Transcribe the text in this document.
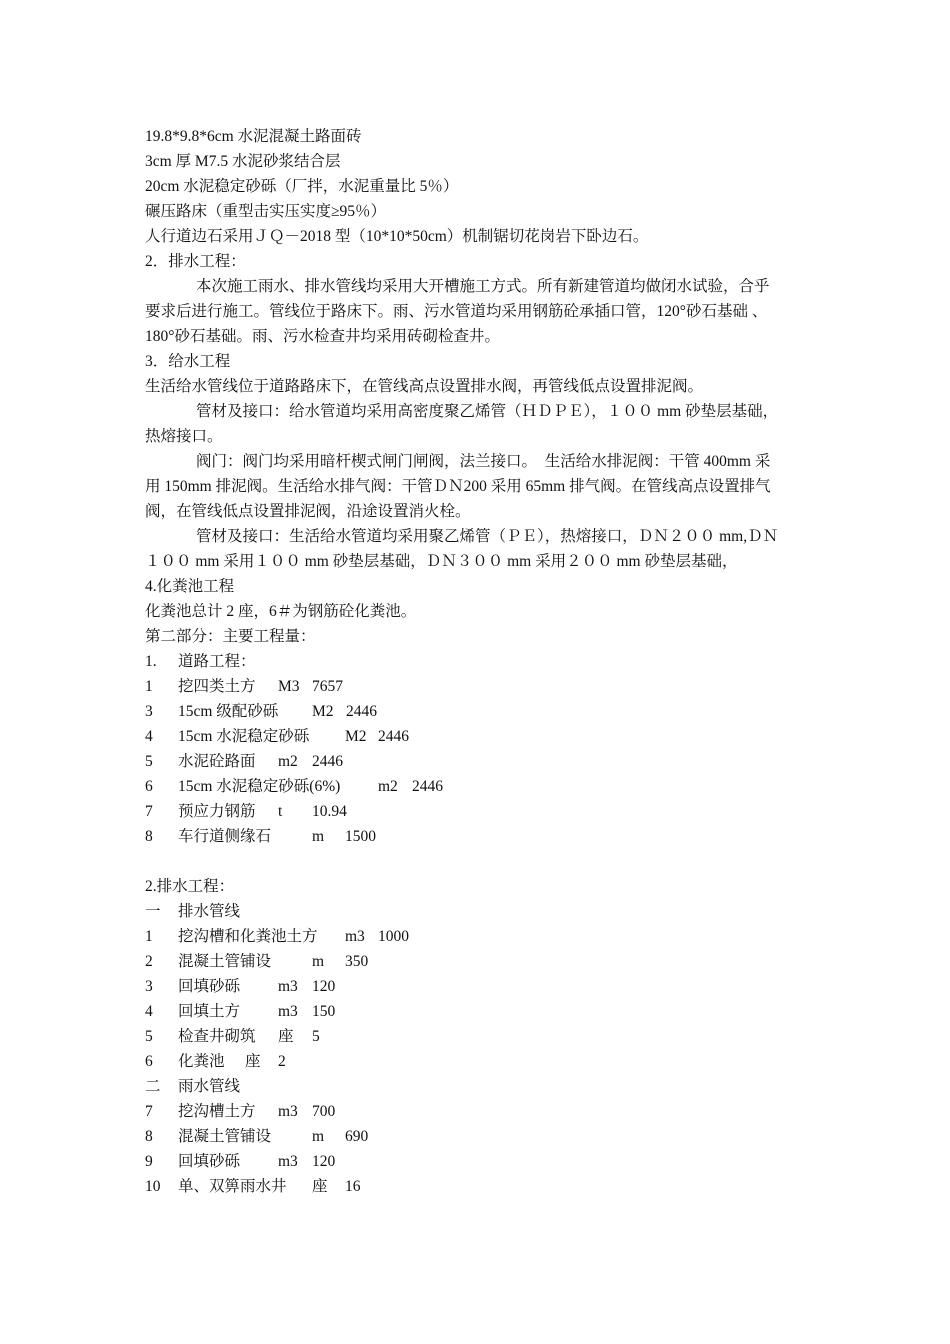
19.8*9.8*6cm 水泥混凝土路面砖
3cm 厚 M7.5 水泥砂浆结合层
20cm 水泥稳定砂砾（厂拌，水泥重量比 5％）
碾压路床（重型击实压实度≥95％）
人行道边石采用ＪＱ－2018 型（10*10*50cm）机制锯切花岗岩下卧边石。
2．排水工程：
本次施工雨水、排水管线均采用大开槽施工方式。所有新建管道均做闭水试验，合乎
要求后进行施工。管线位于路床下。雨、污水管道均采用钢筋砼承插口管，120°砂石基础 、
180°砂石基础。雨、污水检查井均采用砖砌检查井。
3．给水工程
生活给水管线位于道路路床下，在管线高点设置排水阀，再管线低点设置排泥阀。
管材及接口：给水管道均采用高密度聚乙烯管（ＨＤＰＥ），１００ mm 砂垫层基础，
热熔接口。
阀门：阀门均采用暗杆楔式闸门闸阀，法兰接口。　生活给水排泥阀：干管 400mm 采
用 150mm 排泥阀。生活给水排气阀：干管ＤＮ200 采用 65mm 排气阀。在管线高点设置排气
阀，在管线低点设置排泥阀，沿途设置消火栓。
管材及接口：生活给水管道均采用聚乙烯管（ＰＥ），热熔接口，ＤＮ２００ mm,ＤＮ
１００ mm 采用１００ mm 砂垫层基础，ＤＮ３００ mm 采用２００ mm 砂垫层基础，
4.化粪池工程
化粪池总计 2 座，6＃为钢筋砼化粪池。
第二部分：主要工程量：
1. 道路工程：
1 挖四类土方 M3 7657
3 15cm 级配砂砾 M2 2446
4 15cm 水泥稳定砂砾 M2 2446
5 水泥砼路面 m2 2446
6 15cm 水泥稳定砂砾(6%) m2 2446
7 预应力钢筋 t 10.94
8 车行道侧缘石	m 1500
2.排水工程：
一 排水管线
1 挖沟槽和化粪池土方 m3 1000
2 混凝土管铺设	m 350
3 回填砂砾 m3 120
4 回填土方 m3 150
5 检查井砌筑 座 5
6 化粪池 座 2
二 雨水管线
7 挖沟槽土方 m3 700
8 混凝土管铺设	m 690
9 回填砂砾 m3 120
10 单、双箅雨水井 座 16
